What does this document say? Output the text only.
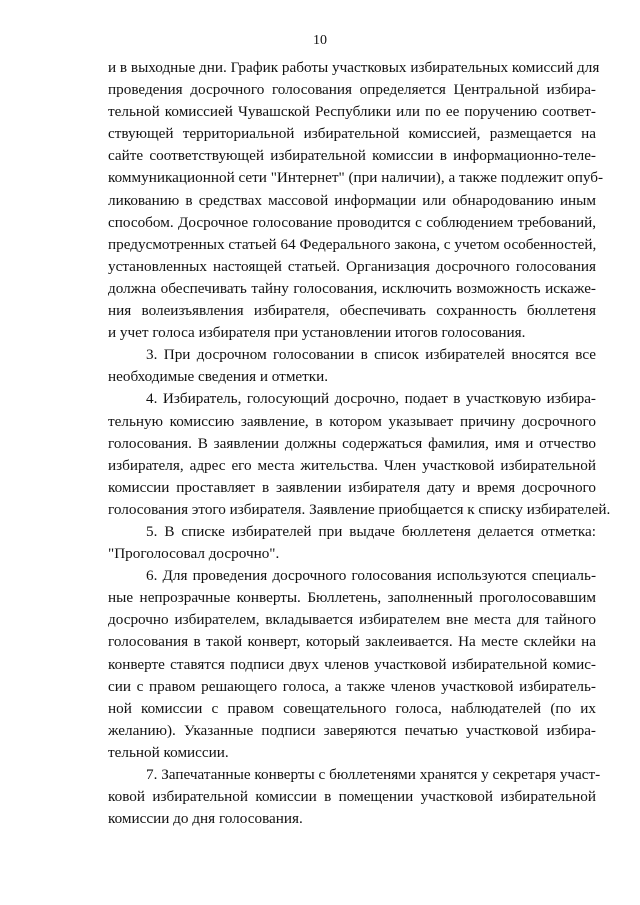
10

и в выходные дни. График работы участковых избирательных комиссий для
проведения досрочного голосования определяется Центральной избира-
тельной комиссией Чувашской Республики или по ее поручению соответ-
ствующей территориальной избирательной комиссией, размещается на
сайте соответствующей избирательной комиссии в информационно-теле-
коммуникационной сети "Интернет" (при наличии), а также подлежит опуб-
ликованию в средствах массовой информации или обнародованию иным
способом. Досрочное голосование проводится с соблюдением требований,
предусмотренных статьей 64 Федерального закона, с учетом особенностей,
установленных настоящей статьей. Организация досрочного голосования
должна обеспечивать тайну голосования, исключить возможность искаже-
ния волеизъявления избирателя, обеспечивать сохранность бюллетеня
и учет голоса избирателя при установлении итогов голосования.

3. При досрочном голосовании в список избирателей вносятся все
необходимые сведения и отметки.

4. Избиратель, голосующий досрочно, подает в участковую избира-
тельную комиссию заявление, в котором указывает причину досрочного
голосования. В заявлении должны содержаться фамилия, имя и отчество
избирателя, адрес его места жительства. Член участковой избирательной
комиссии проставляет в заявлении избирателя дату и время досрочного
голосования этого избирателя. Заявление приобщается к списку избирателей.

5. В списке избирателей при выдаче бюллетеня делается отметка:
"Проголосовал досрочно".

6. Для проведения досрочного голосования используются специаль-
ные непрозрачные конверты. Бюллетень, заполненный проголосовавшим
досрочно избирателем, вкладывается избирателем вне места для тайного
голосования в такой конверт, который заклеивается. На месте склейки на
конверте ставятся подписи двух членов участковой избирательной комис-
сии с правом решающего голоса, а также членов участковой избиратель-
ной комиссии с правом совещательного голоса, наблюдателей (по их
желанию). Указанные подписи заверяются печатью участковой избира-
тельной комиссии.

7. Запечатанные конверты с бюллетенями хранятся у секретаря участ-
ковой избирательной комиссии в помещении участковой избирательной
комиссии до дня голосования.
